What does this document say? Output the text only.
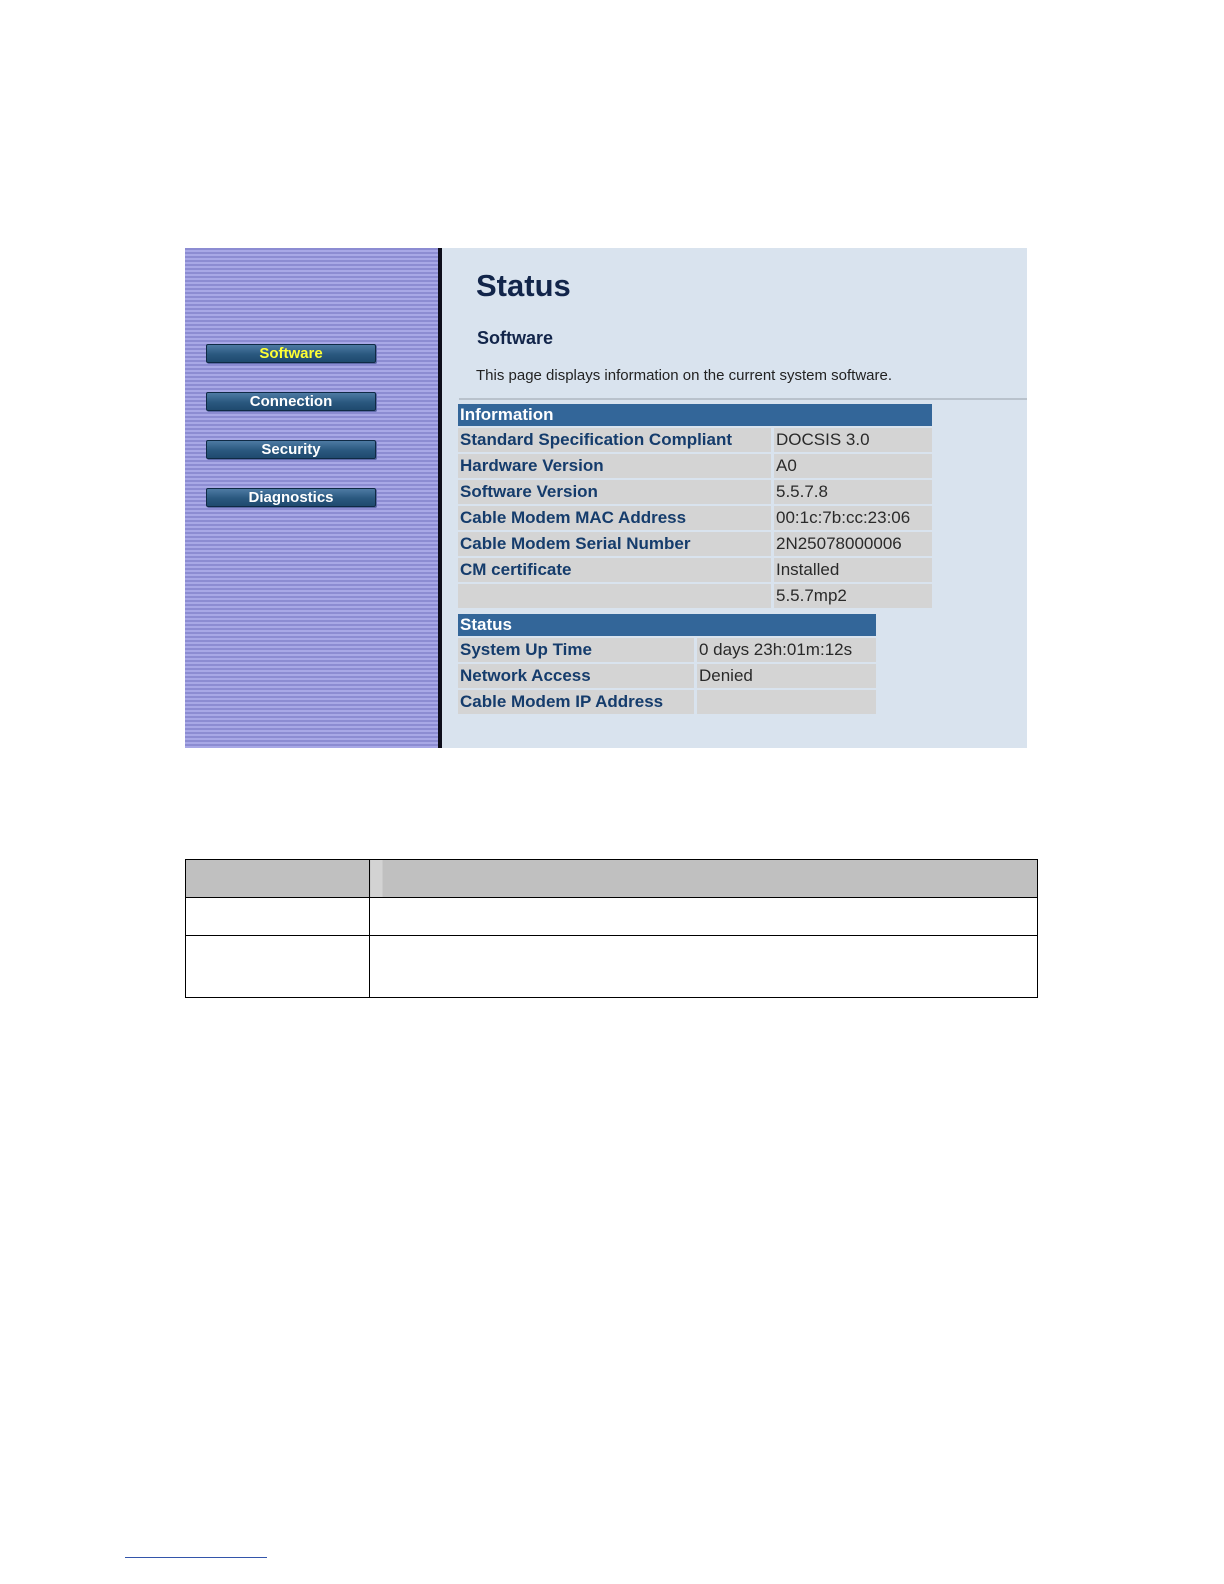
Software
Connection
Security
Diagnostics
Status
Software
This page displays information on the current system software.
Information	
Standard Specification Compliant	DOCSIS 3.0
Hardware Version	A0
Software Version	5.5.7.8
Cable Modem MAC Address	00:1c:7b:cc:23:06
Cable Modem Serial Number	2N25078000006
CM certificate	Installed
	5.5.7mp2
Status	
System Up Time	0 days 23h:01m:12s
Network Access	Denied
Cable Modem IP Address	
